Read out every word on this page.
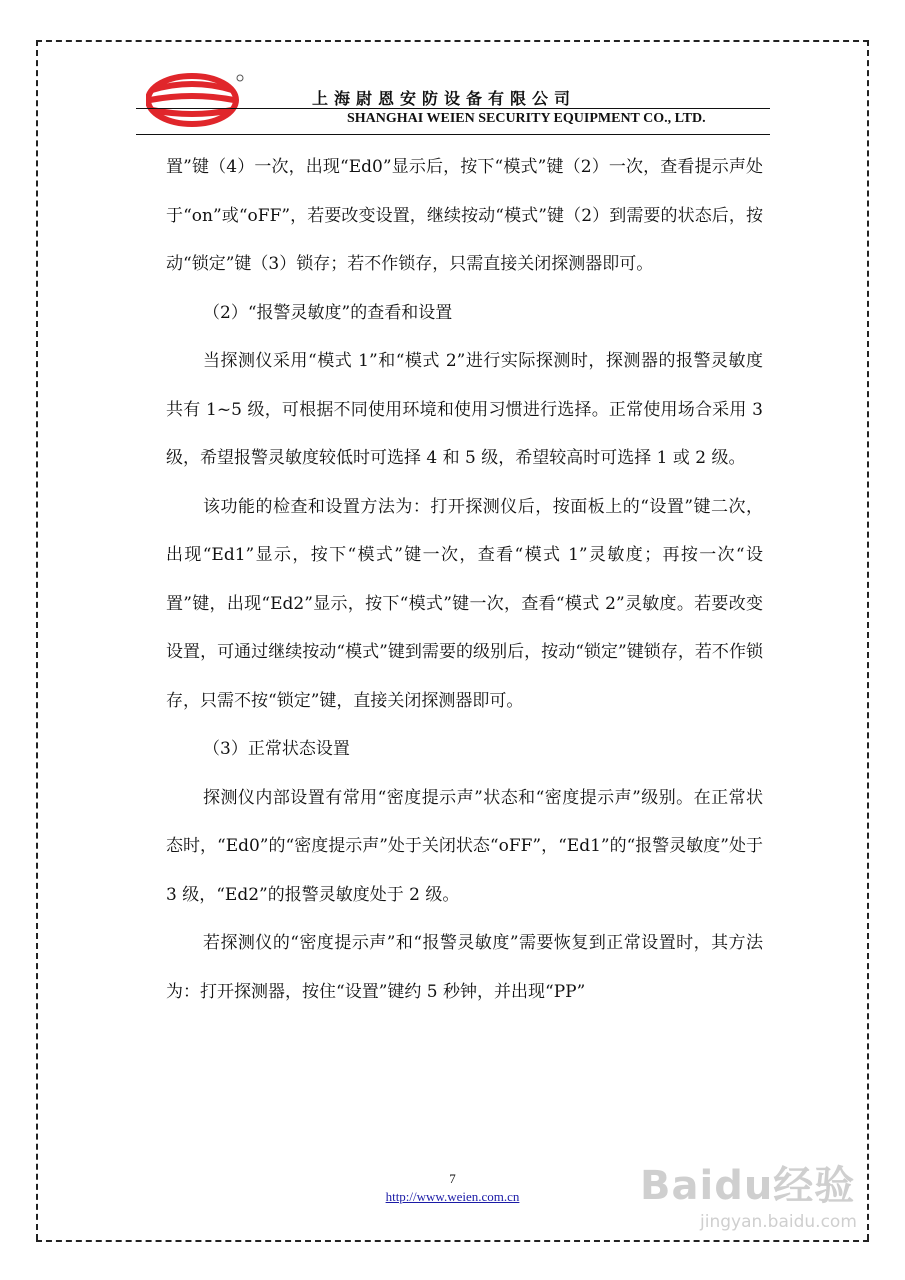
上海尉恩安防设备有限公司
SHANGHAI WEIEN SECURITY EQUIPMENT CO., LTD.

置”键（4）一次，出现“Ed0”显示后，按下“模式”键（2）一次，查看提示声处于“on”或“oFF”，若要改变设置，继续按动“模式”键（2）到需要的状态后，按动“锁定”键（3）锁存；若不作锁存，只需直接关闭探测器即可。

（2）“报警灵敏度”的查看和设置

当探测仪采用“模式 1”和“模式 2”进行实际探测时，探测器的报警灵敏度共有 1~5 级，可根据不同使用环境和使用习惯进行选择。正常使用场合采用 3 级，希望报警灵敏度较低时可选择 4 和 5 级，希望较高时可选择 1 或 2 级。

该功能的检查和设置方法为：打开探测仪后，按面板上的“设置”键二次，出现“Ed1”显示，按下“模式”键一次，查看“模式 1”灵敏度；再按一次“设置”键，出现“Ed2”显示，按下“模式”键一次，查看“模式 2”灵敏度。若要改变设置，可通过继续按动“模式”键到需要的级别后，按动“锁定”键锁存，若不作锁存，只需不按“锁定”键，直接关闭探测器即可。

（3）正常状态设置

探测仪内部设置有常用“密度提示声”状态和“密度提示声”级别。在正常状态时，“Ed0”的“密度提示声”处于关闭状态“oFF”，“Ed1”的“报警灵敏度”处于 3 级，“Ed2”的报警灵敏度处于 2 级。

若探测仪的“密度提示声”和“报警灵敏度”需要恢复到正常设置时，其方法为：打开探测器，按住“设置”键约 5 秒钟，并出现“PP”

7
http://www.weien.com.cn	Baidu经验
jingyan.baidu.com
